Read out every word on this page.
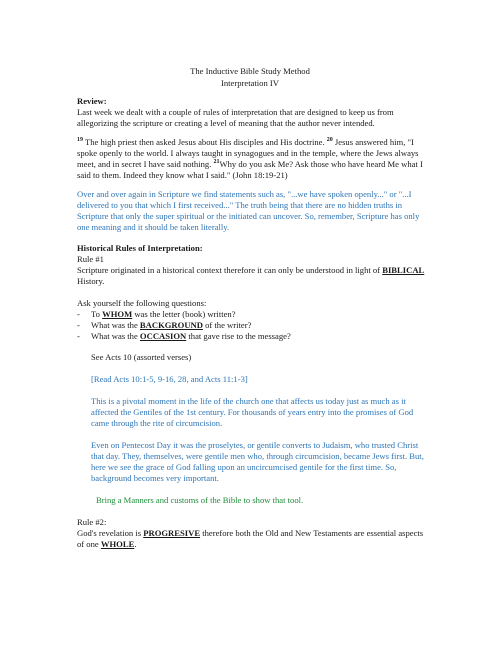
The Inductive Bible Study Method
Interpretation IV

Review:

Last week we dealt with a couple of rules of interpretation that are designed to keep us from allegorizing the scripture or creating a level of meaning that the author never intended.

$^{19}$ The high priest then asked Jesus about His disciples and His doctrine. $^{20}$ Jesus answered him, "I spoke openly to the world. I always taught in synagogues and in the temple, where the Jews always meet, and in secret I have said nothing. $^{21}$Why do you ask Me? Ask those who have heard Me what I said to them. Indeed they know what I said." (John 18:19-21)

Over and over again in Scripture we find statements such as, "...we have spoken openly..." or "...I delivered to you that which I first received..." The truth being that there are no hidden truths in Scripture that only the super spiritual or the initiated can uncover. So, remember, Scripture has only one meaning and it should be taken literally.

Historical Rules of Interpretation:

Rule #1

Scripture originated in a historical context therefore it can only be understood in light of BIBLICAL History.

Ask yourself the following questions:

- To WHOM was the letter (book) written?
- What was the BACKGROUND of the writer?
- What was the OCCASION that gave rise to the message?

See Acts 10 (assorted verses)

[Read Acts 10:1-5, 9-16, 28, and Acts 11:1-3]

This is a pivotal moment in the life of the church one that affects us today just as much as it affected the Gentiles of the 1st century. For thousands of years entry into the promises of God came through the rite of circumcision.

Even on Pentecost Day it was the proselytes, or gentile converts to Judaism, who trusted Christ that day. They, themselves, were gentile men who, through circumcision, became Jews first. But, here we see the grace of God falling upon an uncircumcised gentile for the first time. So, background becomes very important.

Bring a Manners and customs of the Bible to show that tool.

Rule #2:

God's revelation is PROGRESIVE therefore both the Old and New Testaments are essential aspects of one WHOLE.
